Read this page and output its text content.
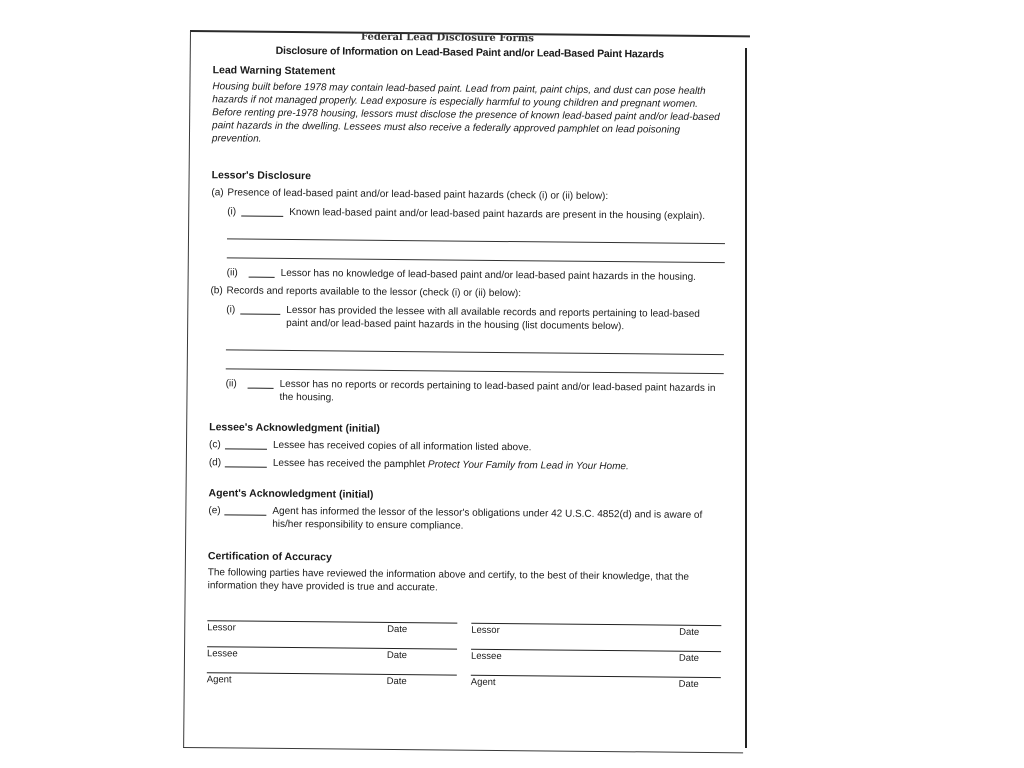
Federal Lead Disclosure Forms
Disclosure of Information on Lead-Based Paint and/or Lead-Based Paint Hazards
Lead Warning Statement
Housing built before 1978 may contain lead-based paint. Lead from paint, paint chips, and dust can pose health hazards if not managed properly. Lead exposure is especially harmful to young children and pregnant women. Before renting pre-1978 housing, lessors must disclose the presence of known lead-based paint and/or lead-based paint hazards in the dwelling. Lessees must also receive a federally approved pamphlet on lead poisoning prevention.
Lessor's Disclosure
(a) Presence of lead-based paint and/or lead-based paint hazards (check (i) or (ii) below):
(i)	Known lead-based paint and/or lead-based paint hazards are present in the housing (explain).
(ii)	Lessor has no knowledge of lead-based paint and/or lead-based paint hazards in the housing.
(b) Records and reports available to the lessor (check (i) or (ii) below):
(i)	Lessor has provided the lessee with all available records and reports pertaining to lead-based paint and/or lead-based paint hazards in the housing (list documents below).
(ii)	Lessor has no reports or records pertaining to lead-based paint and/or lead-based paint hazards in the housing.
Lessee's Acknowledgment (initial)
(c)	Lessee has received copies of all information listed above.
(d)	Lessee has received the pamphlet Protect Your Family from Lead in Your Home.
Agent's Acknowledgment (initial)
(e)	Agent has informed the lessor of the lessor's obligations under 42 U.S.C. 4852(d) and is aware of his/her responsibility to ensure compliance.
Certification of Accuracy
The following parties have reviewed the information above and certify, to the best of their knowledge, that the information they have provided is true and accurate.
Lessor	Date	Lessor	Date
Lessee	Date	Lessee	Date
Agent	Date	Agent	Date
